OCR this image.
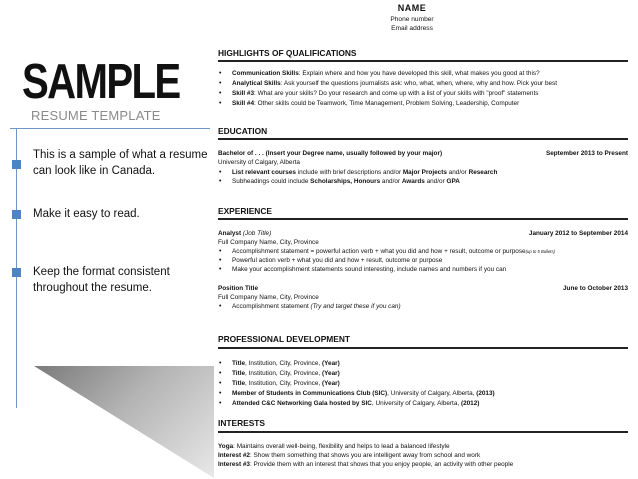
SAMPLE
RESUME TEMPLATE
This is a sample of what a resume can look like in Canada.
Make it easy to read.
Keep the format consistent throughout the resume.
NAME
Phone number
Email address
HIGHLIGHTS OF QUALIFICATIONS
• Communication Skills: Explain where and how you have developed this skill, what makes you good at this?
• Analytical Skills: Ask yourself the questions journalists ask: who, what, when, where, why and how. Pick your best
• Skill #3: What are your skills? Do your research and come up with a list of your skills with "proof" statements
• Skill #4: Other skills could be Teamwork, Time Management, Problem Solving, Leadership, Computer
EDUCATION
Bachelor of . . . (Insert your Degree name, usually followed by your major)	September 2013 to Present
University of Calgary, Alberta
• List relevant courses include with brief descriptions and/or Major Projects and/or Research
• Subheadings could include Scholarships, Honours and/or Awards and/or GPA
EXPERIENCE
Analyst (Job Title)	January 2012 to September 2014
Full Company Name, City, Province
• Accomplishment statement = powerful action verb + what you did and how + result, outcome or purpose(up to 5 Bullets)
• Powerful action verb + what you did and how + result, outcome or purpose
• Make your accomplishment statements sound interesting, include names and numbers if you can
Position Title	June to October 2013
Full Company Name, City, Province
• Accomplishment statement (Try and target these if you can)
PROFESSIONAL DEVELOPMENT
• Title, Institution, City, Province, (Year)
• Title, Institution, City, Province, (Year)
• Title, Institution, City, Province, (Year)
• Member of Students in Communications Club (SIC), University of Calgary, Alberta, (2013)
• Attended C&C Networking Gala hosted by SIC, University of Calgary, Alberta, (2012)
INTERESTS
Yoga: Maintains overall well-being, flexibility and helps to lead a balanced lifestyle
Interest #2: Show them something that shows you are intelligent away from school and work
Interest #3: Provide them with an interest that shows that you enjoy people, an activity with other people
